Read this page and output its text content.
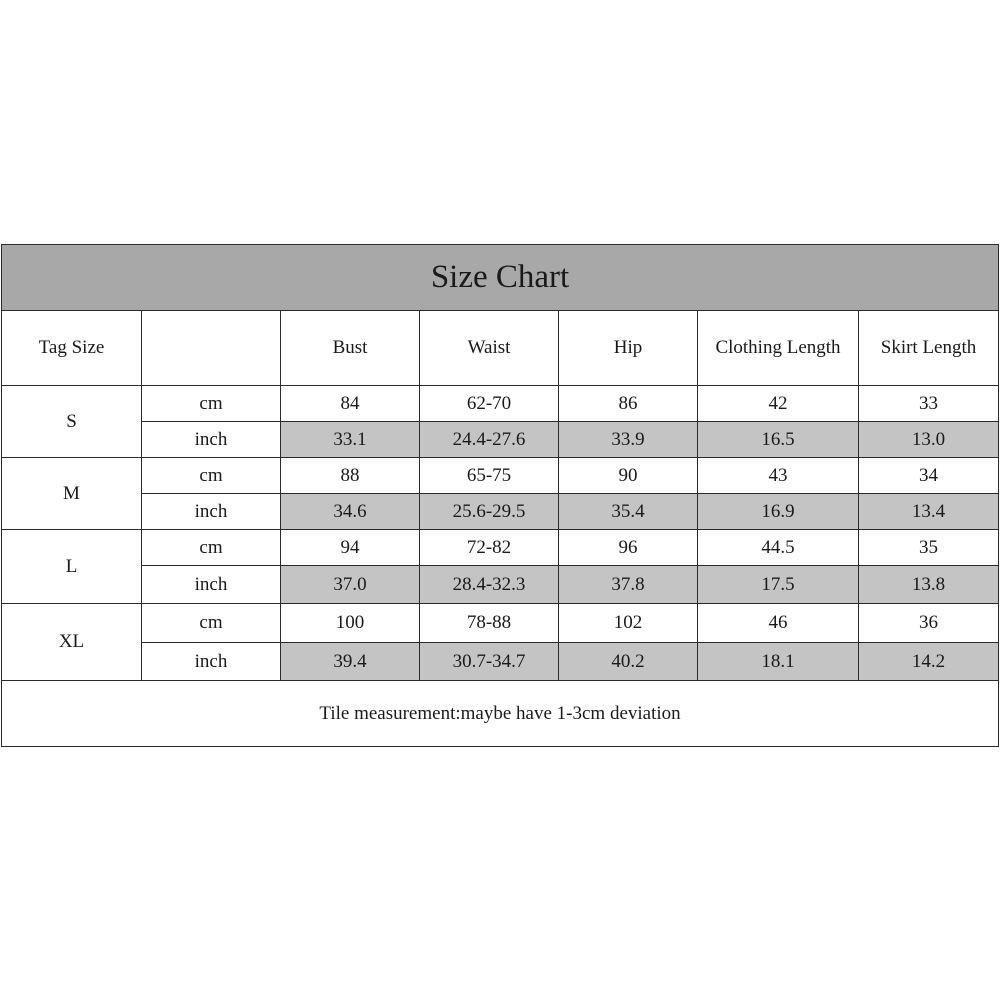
Size Chart						
Tag Size		Bust	Waist	Hip	Clothing Length	Skirt Length
S	cm	84	62-70	86	42	33
	inch	33.1	24.4-27.6	33.9	16.5	13.0
M	cm	88	65-75	90	43	34
	inch	34.6	25.6-29.5	35.4	16.9	13.4
L	cm	94	72-82	96	44.5	35
	inch	37.0	28.4-32.3	37.8	17.5	13.8
XL	cm	100	78-88	102	46	36
	inch	39.4	30.7-34.7	40.2	18.1	14.2
Tile measurement:maybe have 1-3cm deviation						
